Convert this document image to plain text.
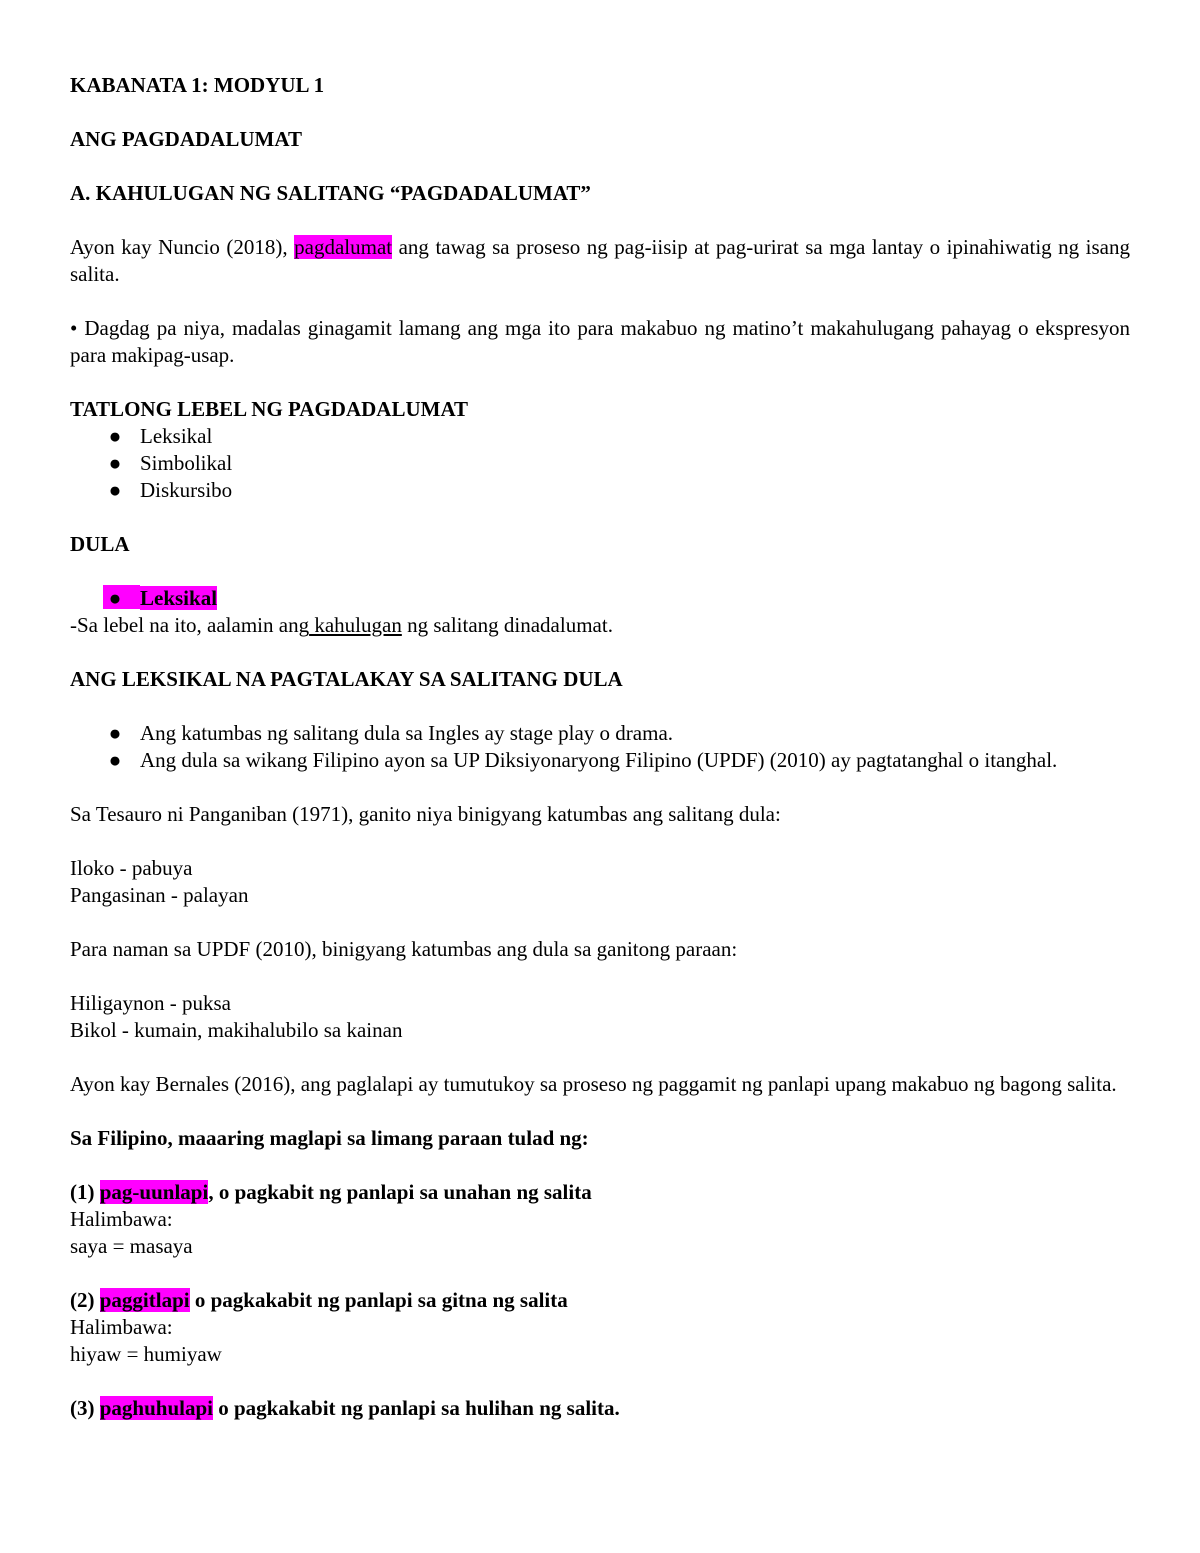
KABANATA 1: MODYUL 1

ANG PAGDADALUMAT

A. KAHULUGAN NG SALITANG “PAGDADALUMAT”

Ayon kay Nuncio (2018), pagdalumat ang tawag sa proseso ng pag-iisip at pag-urirat sa mga lantay o ipinahiwatig ng isang salita.

• Dagdag pa niya, madalas ginagamit lamang ang mga ito para makabuo ng matino’t makahulugang pahayag o ekspresyon para makipag-usap.

TATLONG LEBEL NG PAGDADALUMAT

● Leksikal
● Simbolikal
● Diskursibo

DULA

● Leksikal

-Sa lebel na ito, aalamin ang kahulugan ng salitang dinadalumat.

ANG LEKSIKAL NA PAGTALAKAY SA SALITANG DULA

● Ang katumbas ng salitang dula sa Ingles ay stage play o drama.
● Ang dula sa wikang Filipino ayon sa UP Diksiyonaryong Filipino (UPDF) (2010) ay pagtatanghal o itanghal.

Sa Tesauro ni Panganiban (1971), ganito niya binigyang katumbas ang salitang dula:

Iloko - pabuya

Pangasinan - palayan

Para naman sa UPDF (2010), binigyang katumbas ang dula sa ganitong paraan:

Hiligaynon - puksa

Bikol - kumain, makihalubilo sa kainan

Ayon kay Bernales (2016), ang paglalapi ay tumutukoy sa proseso ng paggamit ng panlapi upang makabuo ng bagong salita.

Sa Filipino, maaaring maglapi sa limang paraan tulad ng:

(1) pag-uunlapi, o pagkabit ng panlapi sa unahan ng salita

Halimbawa:

saya = masaya

(2) paggitlapi o pagkakabit ng panlapi sa gitna ng salita

Halimbawa:

hiyaw = humiyaw

(3) paghuhulapi o pagkakabit ng panlapi sa hulihan ng salita.
